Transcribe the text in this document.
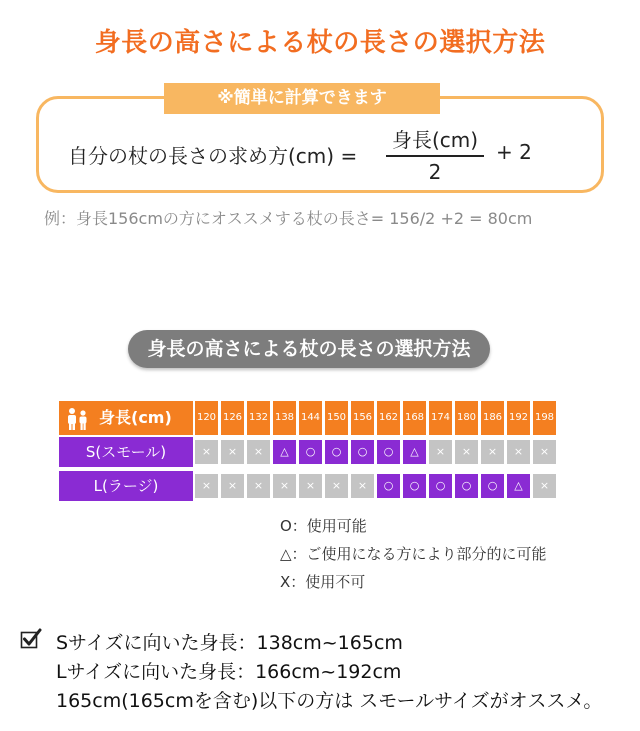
身長の高さによる杖の長さの選択方法
※簡単に計算できます
自分の杖の長さの求め方(cm) =
身長(cm)
2
+ 2
例：身長156cmの方にオススメする杖の長さ= 156/2 +2 = 80cm
身長の高さによる杖の長さの選択方法
身長(cm)	120 126 132 138 144 150 156 162 168 174 180 186 192 198
S(スモール)	×	×	×	△	○	○	○	○	△	×	×	×	×	×
L(ラージ)	×	×	×	×	×	×	×	○	○	○	○	○	△	×
O：使用可能
△：ご使用になる方により部分的に可能
X：使用不可
Sサイズに向いた身長：138cm~165cm
Lサイズに向いた身長：166cm~192cm
165cm(165cmを含む)以下の方は スモールサイズがオススメ。
